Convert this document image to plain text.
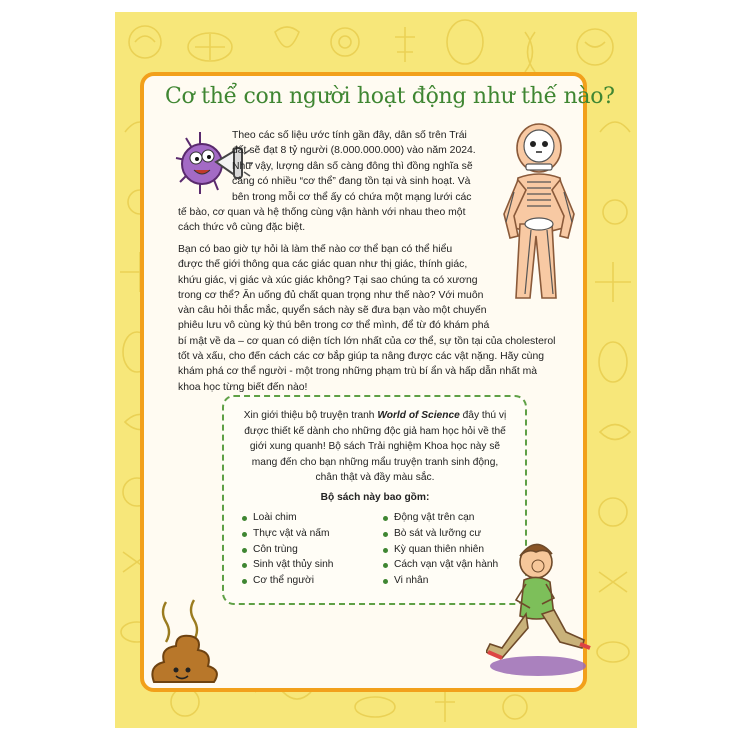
Cơ thể con người hoạt động như thế nào?

Theo các số liệu ước tính gần đây, dân số trên Trái
đất sẽ đạt 8 tỷ người (8.000.000.000) vào năm 2024.
Như vậy, lượng dân số càng đông thì đồng nghĩa sẽ
càng có nhiều “cơ thể” đang tồn tại và sinh hoạt. Và

bên trong mỗi cơ thể ấy có chứa một mạng lưới các

tế bào, cơ quan và hệ thống cùng vận hành với nhau theo một
cách thức vô cùng đặc biệt.

Bạn có bao giờ tự hỏi là làm thế nào cơ thể bạn có thể hiểu
được thế giới thông qua các giác quan như thị giác, thính giác,
khứu giác, vị giác và xúc giác không? Tại sao chúng ta có xương
trong cơ thể? Ăn uống đủ chất quan trọng như thế nào? Với muôn
vàn câu hỏi thắc mắc, quyển sách này sẽ đưa bạn vào một chuyến
phiêu lưu vô cùng kỳ thú bên trong cơ thể mình, để từ đó khám phá
bí mật về da – cơ quan có diện tích lớn nhất của cơ thể, sự tồn tại của cholesterol
tốt và xấu, cho đến cách các cơ bắp giúp ta nâng được các vật nặng. Hãy cùng
khám phá cơ thể người - một trong những phạm trù bí ẩn và hấp dẫn nhất mà
khoa học từng biết đến nào!

Xin giới thiệu bộ truyện tranh World of Science đây thú vị
được thiết kế dành cho những độc giả ham học hỏi về thế
giới xung quanh! Bộ sách Trải nghiệm Khoa học này sẽ
mang đến cho bạn những mẩu truyện tranh sinh động,
chân thật và đầy màu sắc.

Bộ sách này bao gồm:

Loài chim
Thực vật và nấm
Côn trùng
Sinh vật thủy sinh
Cơ thể người
Động vật trên cạn
Bò sát và lưỡng cư
Kỳ quan thiên nhiên
Cách vạn vật vận hành
Vi nhân
